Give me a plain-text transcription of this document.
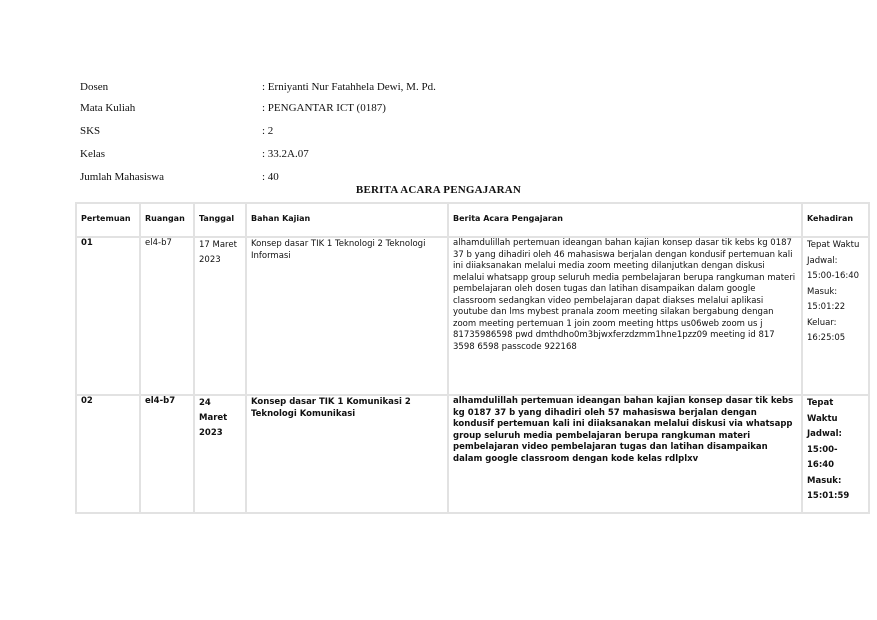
Dosen	: Erniyanti Nur Fatahhela Dewi, M. Pd.
Mata Kuliah	: PENGANTAR ICT (0187)
SKS	: 2
Kelas	: 33.2A.07
Jumlah Mahasiswa	: 40
BERITA ACARA PENGAJARAN
Pertemuan	Ruangan	Tanggal	Bahan Kajian	Berita Acara Pengajaran	Kehadiran
01	el4-b7	17 Maret 2023	Konsep dasar TIK 1 Teknologi 2 Teknologi Informasi	alhamdulillah pertemuan ideangan bahan kajian konsep dasar tik kebs kg 0187 37 b yang dihadiri oleh 46 mahasiswa berjalan dengan kondusif pertemuan kali ini diiaksanakan melalui media zoom meeting dilanjutkan dengan diskusi melalui whatsapp group seluruh media pembelajaran berupa rangkuman materi pembelajaran oleh dosen tugas dan latihan disampaikan dalam google classroom sedangkan video pembelajaran dapat diakses melalui aplikasi youtube dan lms mybest pranala zoom meeting silakan bergabung dengan zoom meeting pertemuan 1 join zoom meeting https us06web zoom us j 81735986598 pwd dmthdho0m3bjwxferzdzmm1hne1pzz09 meeting id 817 3598 6598 passcode 922168	Tepat Waktu Jadwal: 15:00-16:40 Masuk: 15:01:22 Keluar: 16:25:05
02	el4-b7	24 Maret 2023	Konsep dasar TIK 1 Komunikasi 2 Teknologi Komunikasi	alhamdulillah pertemuan ideangan bahan kajian konsep dasar tik kebs kg 0187 37 b yang dihadiri oleh 57 mahasiswa berjalan dengan kondusif pertemuan kali ini diiaksanakan melalui diskusi via whatsapp group seluruh media pembelajaran berupa rangkuman materi pembelajaran video pembelajaran tugas dan latihan disampaikan dalam google classroom dengan kode kelas rdlplxv	Tepat Waktu Jadwal: 15:00-16:40 Masuk: 15:01:59
